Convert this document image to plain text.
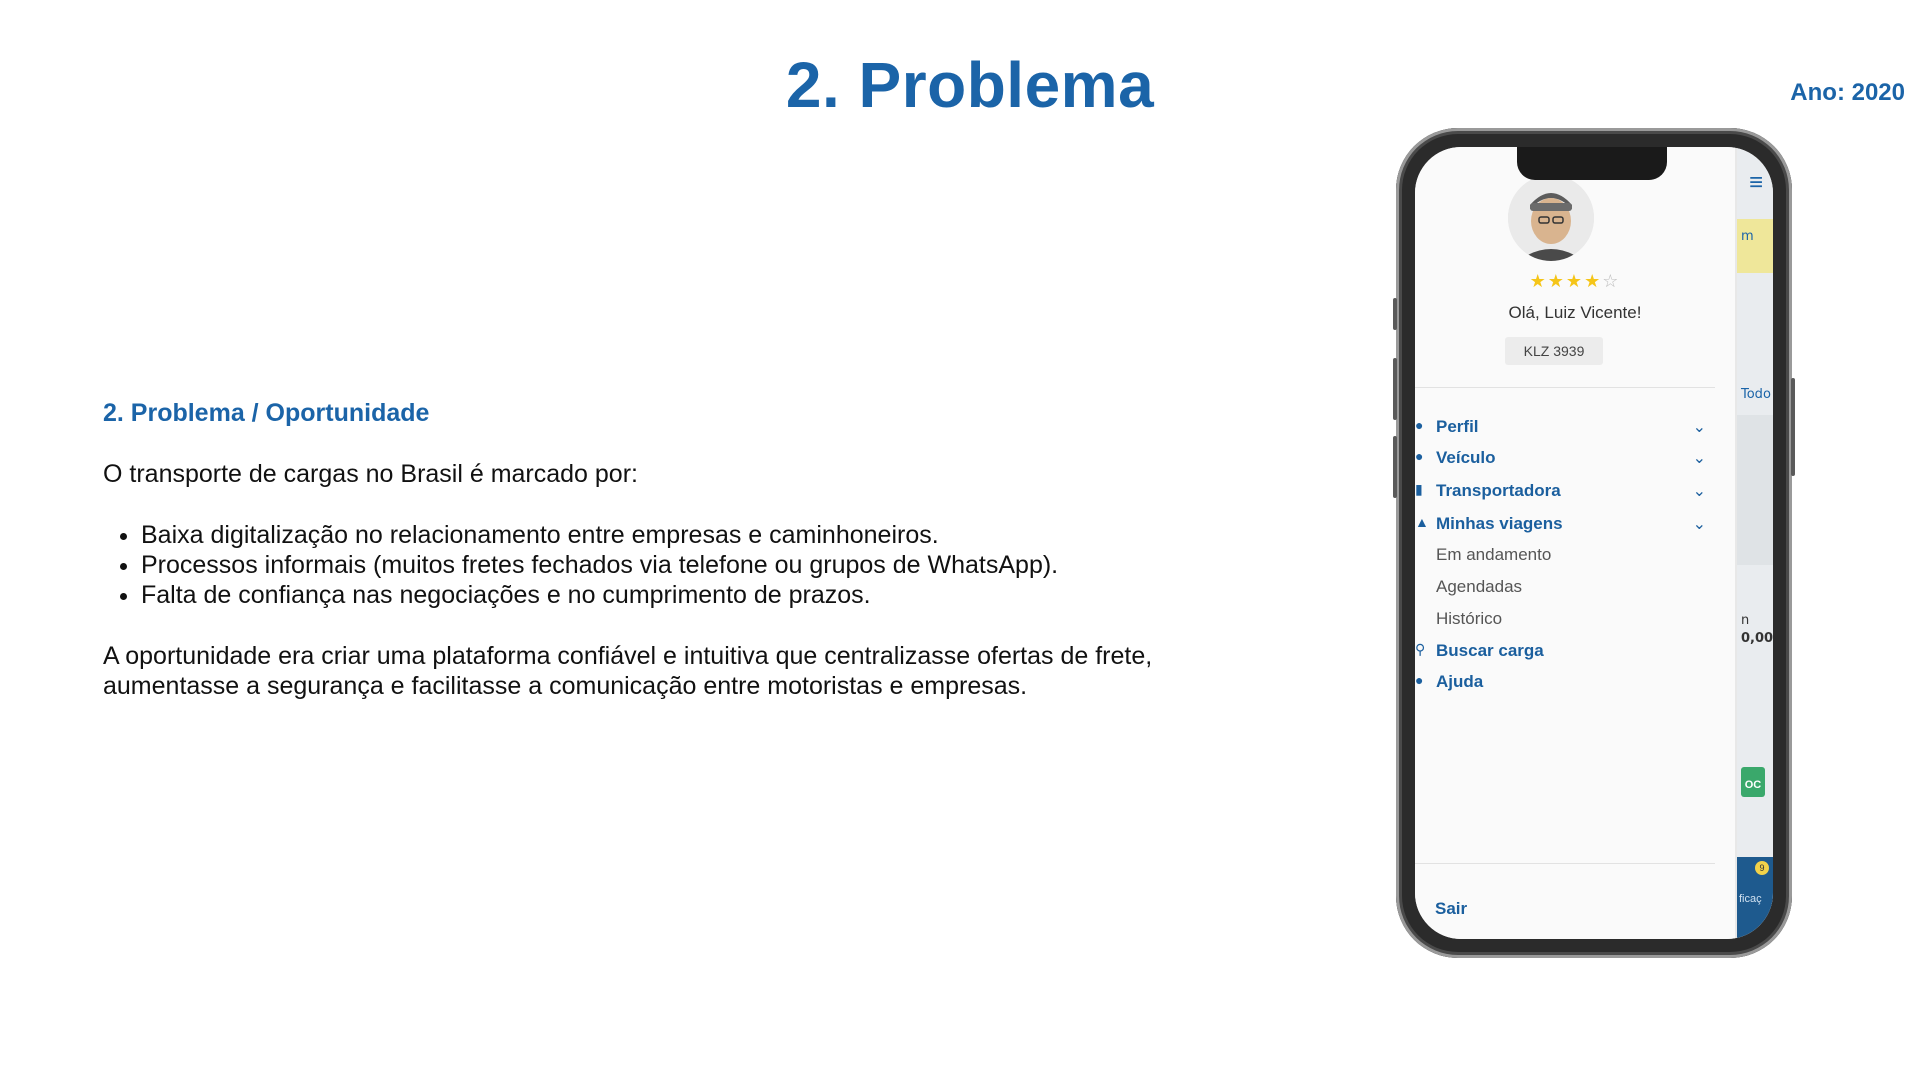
2. Problema	Ano: 2020
2. Problema / Oportunidade

O transporte de cargas no Brasil é marcado por:

• Baixa digitalização no relacionamento entre empresas e caminhoneiros.
• Processos informais (muitos fretes fechados via telefone ou grupos de WhatsApp).
• Falta de confiança nas negociações e no cumprimento de prazos.

A oportunidade era criar uma plataforma confiável e intuitiva que centralizasse ofertas de frete, aumentasse a segurança e facilitasse a comunicação entre motoristas e empresas.

≡
m
Todo
n
0,00
OC
9
ficaç
★★★★☆
Olá, Luiz Vicente!
KLZ 3939
● Perfil	⌄
● Veículo	⌄
▮ Transportadora	⌄
▲ Minhas viagens	⌄
Em andamento
Agendadas
Histórico
⚲ Buscar carga
● Ajuda
Sair
